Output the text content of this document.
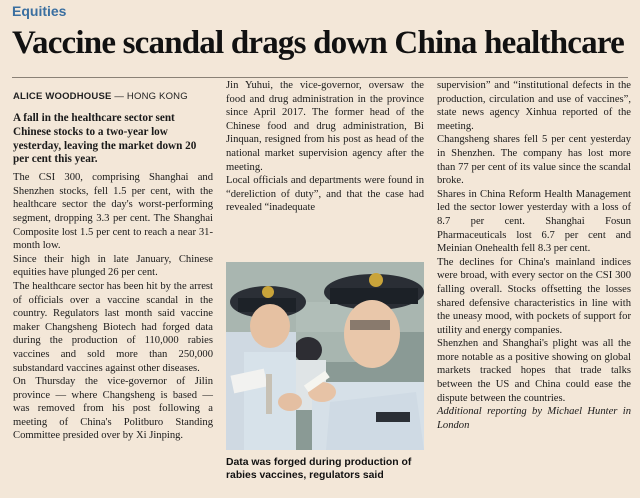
Equities
Vaccine scandal drags down China healthcare
ALICE WOODHOUSE — HONG KONG

A fall in the healthcare sector sent Chinese stocks to a two-year low yesterday, leaving the market down 20 per cent this year.

The CSI 300, comprising Shanghai and Shenzhen stocks, fell 1.5 per cent, with the healthcare sector the day's worst-performing segment, dropping 3.3 per cent. The Shanghai Composite lost 1.5 per cent to reach a near 31-month low.

Since their high in late January, Chinese equities have plunged 26 per cent.

The healthcare sector has been hit by the arrest of officials over a vaccine scandal in the country. Regulators last month said vaccine maker Changsheng Biotech had forged data during the production of 110,000 rabies vaccines and sold more than 250,000 substandard vaccines against other diseases.

On Thursday the vice-governor of Jilin province — where Changsheng is based — was removed from his post following a meeting of China's Politburo Standing Committee presided over by Xi Jinping.

Jin Yuhui, the vice-governor, oversaw the food and drug administration in the province since April 2017. The former head of the Chinese food and drug administration, Bi Jinquan, resigned from his post as head of the national market supervision agency after the meeting.

Local officials and departments were found in “dereliction of duty”, and that the case had revealed “inadequate

Data was forged during production of rabies vaccines, regulators said

supervision” and “institutional defects in the production, circulation and use of vaccines”, state news agency Xinhua reported of the meeting.

Changsheng shares fell 5 per cent yesterday in Shenzhen. The company has lost more than 77 per cent of its value since the scandal broke.

Shares in China Reform Health Management led the sector lower yesterday with a loss of 8.7 per cent. Shanghai Fosun Pharmaceuticals lost 6.7 per cent and Meinian Onehealth fell 8.3 per cent.

The declines for China's mainland indices were broad, with every sector on the CSI 300 falling overall. Stocks offsetting the losses shared defensive characteristics in line with the uneasy mood, with pockets of support for utility and energy companies.

Shenzhen and Shanghai's plight was all the more notable as a positive showing on global markets tracked hopes that trade talks between the US and China could ease the dispute between the countries.

Additional reporting by Michael Hunter in London
